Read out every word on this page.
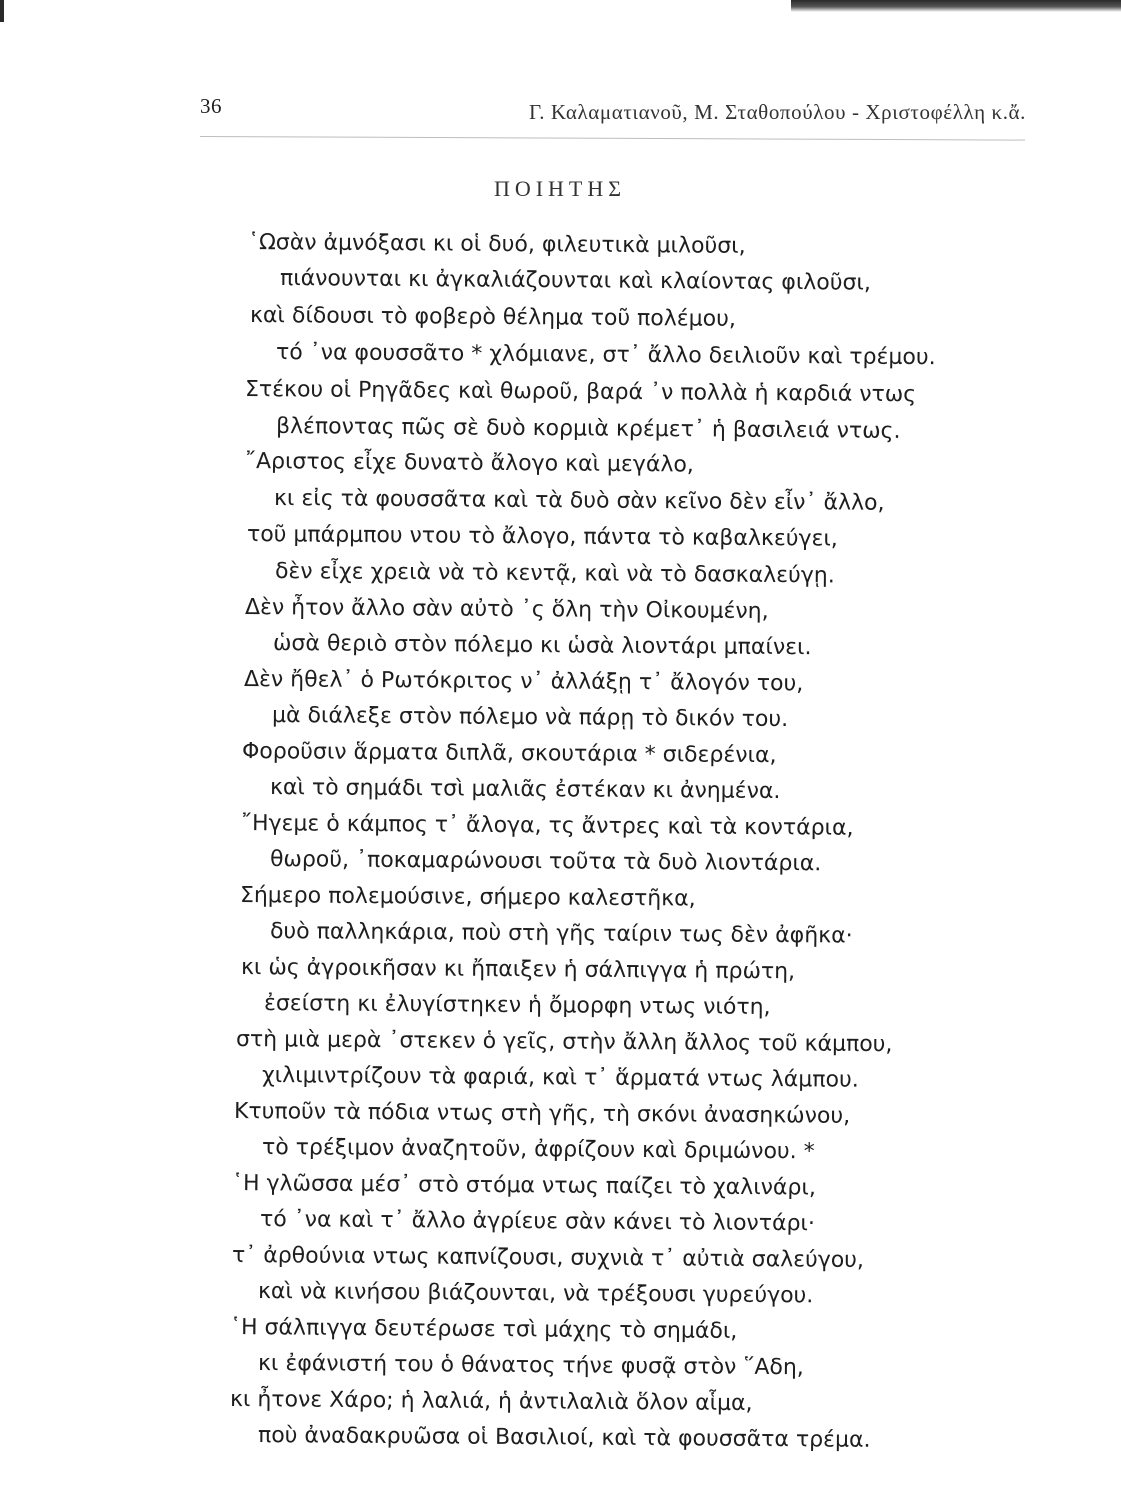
36	Γ. Καλαματιανοῦ, Μ. Σταθοπούλου - Χριστοφέλλη κ.ἄ.
ΠΟΙΗΤΗΣ
῾Ωσὰν ἀμνόξασι κι οἱ δυό, φιλευτικὰ μιλοῦσι,
πιάνουνται κι ἀγκαλιάζουνται καὶ κλαίοντας φιλοῦσι,
καὶ δίδουσι τὸ φοβερὸ θέλημα τοῦ πολέμου,
τό ᾿να φουσσᾶτο * χλόμιανε, στ᾿ ἄλλο δειλιοῦν καὶ τρέμου.
Στέκου οἱ Ρηγᾶδες καὶ θωροῦ, βαρά ᾿ν πολλὰ ἡ καρδιά ντως
βλέποντας πῶς σὲ δυὸ κορμιὰ κρέμετ᾿ ἡ βασιλειά ντως.
῎Αριστος εἶχε δυνατὸ ἄλογο καὶ μεγάλο,
κι εἰς τὰ φουσσᾶτα καὶ τὰ δυὸ σὰν κεῖνο δὲν εἶν᾿ ἄλλο,
τοῦ μπάρμπου ντου τὸ ἄλογο, πάντα τὸ καβαλκεύγει,
δὲν εἶχε χρειὰ νὰ τὸ κεντᾷ, καὶ νὰ τὸ δασκαλεύγῃ.
Δὲν ἦτον ἄλλο σὰν αὐτὸ ᾿ς ὅλη τὴν Οἰκουμένη,
ὡσὰ θεριὸ στὸν πόλεμο κι ὡσὰ λιοντάρι μπαίνει.
Δὲν ἤθελ᾿ ὁ Ρωτόκριτος ν᾿ ἀλλάξῃ τ᾿ ἄλογόν του,
μὰ διάλεξε στὸν πόλεμο νὰ πάρῃ τὸ δικόν του.
Φοροῦσιν ἅρματα διπλᾶ, σκουτάρια * σιδερένια,
καὶ τὸ σημάδι τσὶ μαλιᾶς ἐστέκαν κι ἀνημένα.
῎Ηγεμε ὁ κάμπος τ᾿ ἄλογα, τς ἄντρες καὶ τὰ κοντάρια,
θωροῦ, ᾿ποκαμαρώνουσι τοῦτα τὰ δυὸ λιοντάρια.
Σήμερο πολεμούσινε, σήμερο καλεστῆκα,
δυὸ παλληκάρια, ποὺ στὴ γῆς ταίριν τως δὲν ἀφῆκα·
κι ὡς ἀγροικῆσαν κι ἤπαιξεν ἡ σάλπιγγα ἡ πρώτη,
ἐσείστη κι ἐλυγίστηκεν ἡ ὄμορφη ντως νιότη,
στὴ μιὰ μερὰ ᾿στεκεν ὁ γεῖς, στὴν ἄλλη ἄλλος τοῦ κάμπου,
χιλιμιντρίζουν τὰ φαριά, καὶ τ᾿ ἅρματά ντως λάμπου.
Κτυποῦν τὰ πόδια ντως στὴ γῆς, τὴ σκόνι ἀνασηκώνου,
τὸ τρέξιμον ἀναζητοῦν, ἀφρίζουν καὶ δριμώνου. *
῾Η γλῶσσα μέσ᾿ στὸ στόμα ντως παίζει τὸ χαλινάρι,
τό ᾿να καὶ τ᾿ ἄλλο ἀγρίευε σὰν κάνει τὸ λιοντάρι·
τ᾿ ἀρθούνια ντως καπνίζουσι, συχνιὰ τ᾿ αὐτιὰ σαλεύγου,
καὶ νὰ κινήσου βιάζουνται, νὰ τρέξουσι γυρεύγου.
῾Η σάλπιγγα δευτέρωσε τσὶ μάχης τὸ σημάδι,
κι ἐφάνιστή του ὁ θάνατος τήνε φυσᾷ στὸν ῞Αδη,
κι ἦτονε Χάρο; ἡ λαλιά, ἡ ἀντιλαλιὰ ὅλον αἷμα,
ποὺ ἀναδακρυῶσα οἱ Βασιλιοί, καὶ τὰ φουσσᾶτα τρέμα.
